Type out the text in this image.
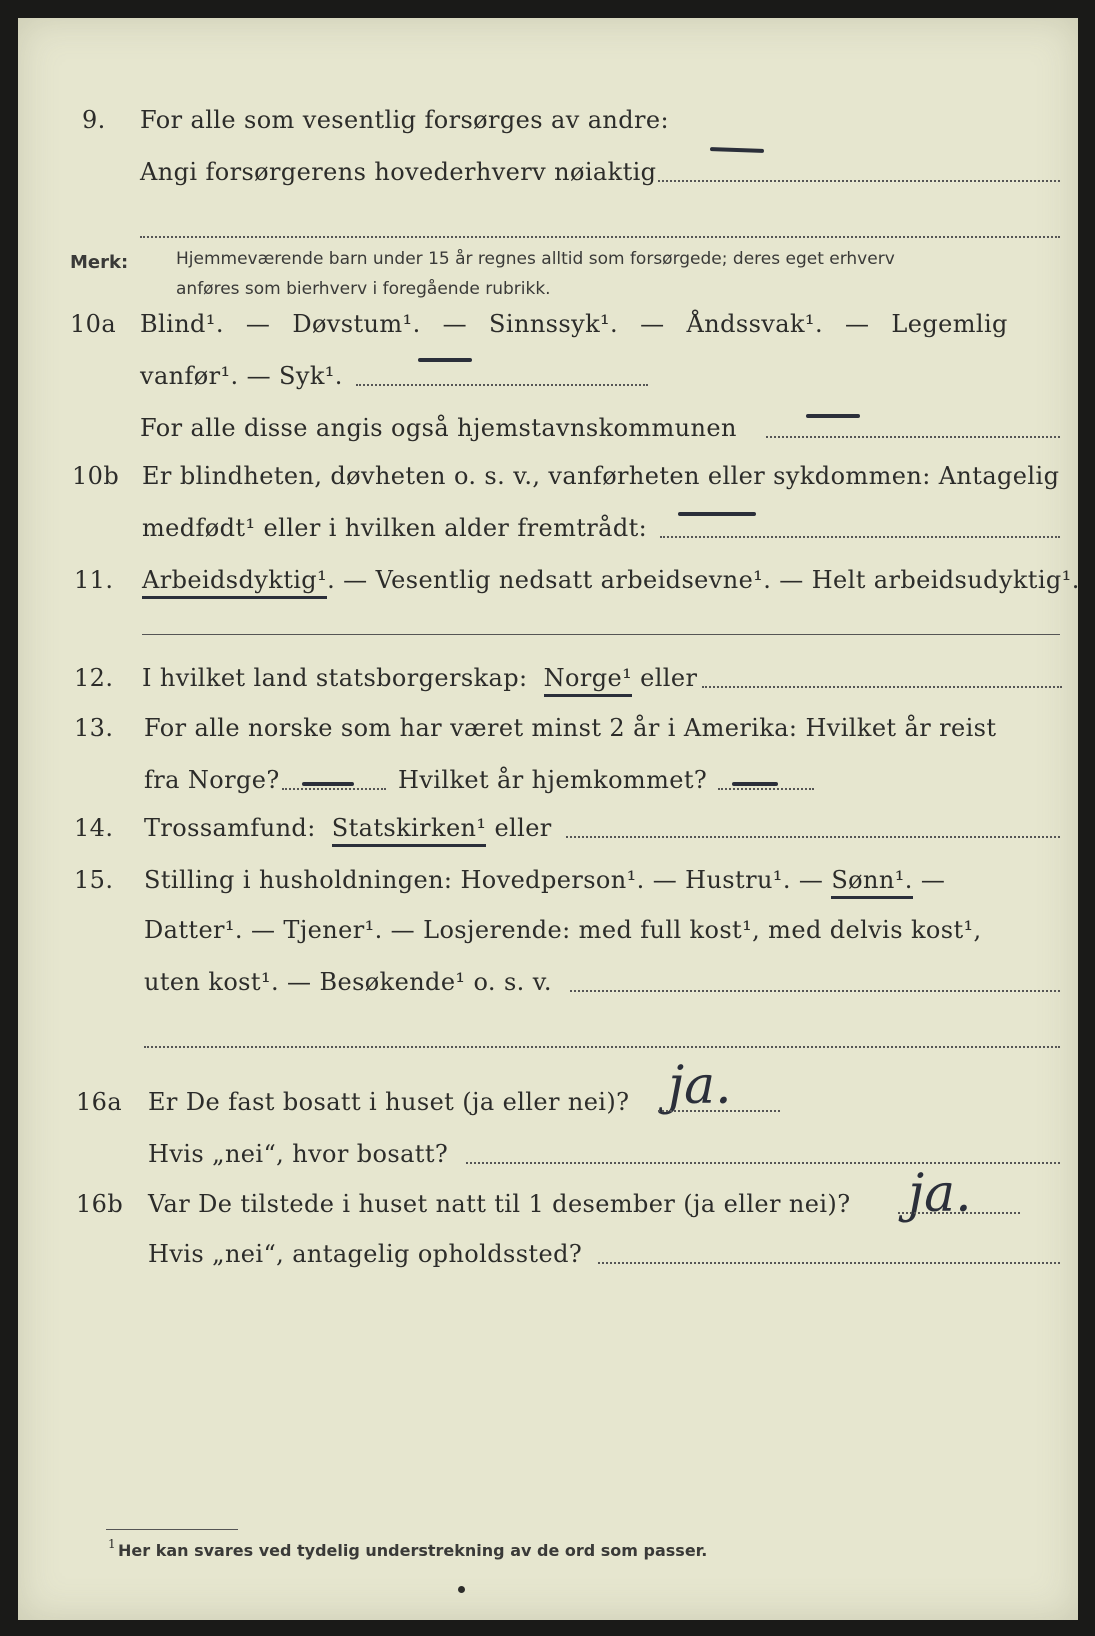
9.	For alle som vesentlig forsørges av andre:
Angi forsørgerens hovederhverv nøiaktig
Merk:	Hjemmeværende barn under 15 år regnes alltid som forsørgede; deres eget erhverv
anføres som bierhverv i foregående rubrikk.
10a Blind¹. — Døvstum¹. — Sinnssyk¹. — Åndssvak¹. — Legemlig
vanfør¹. — Syk¹.
For alle disse angis også hjemstavnskommunen
10b Er blindheten, døvheten o. s. v., vanførheten eller sykdommen: Antagelig
medfødt¹ eller i hvilken alder fremtrådt:
11.	Arbeidsdyktig¹. — Vesentlig nedsatt arbeidsevne¹. — Helt arbeidsudyktig¹.
12.	I hvilket land statsborgerskap: Norge¹ eller
13.	For alle norske som har været minst 2 år i Amerika: Hvilket år reist
fra Norge?	Hvilket år hjemkommet?
14.	Trossamfund: Statskirken¹ eller
15.	Stilling i husholdningen: Hovedperson¹. — Hustru¹. — Sønn¹. —
Datter¹. — Tjener¹. — Losjerende: med full kost¹, med delvis kost¹,
uten kost¹. — Besøkende¹ o. s. v.
16a	Er De fast bosatt i huset (ja eller nei)? ja.
Hvis „nei“, hvor bosatt?
16b	Var De tilstede i huset natt til 1 desember (ja eller nei)? ja.
Hvis „nei“, antagelig opholdssted?
1 Her kan svares ved tydelig understrekning av de ord som passer.
